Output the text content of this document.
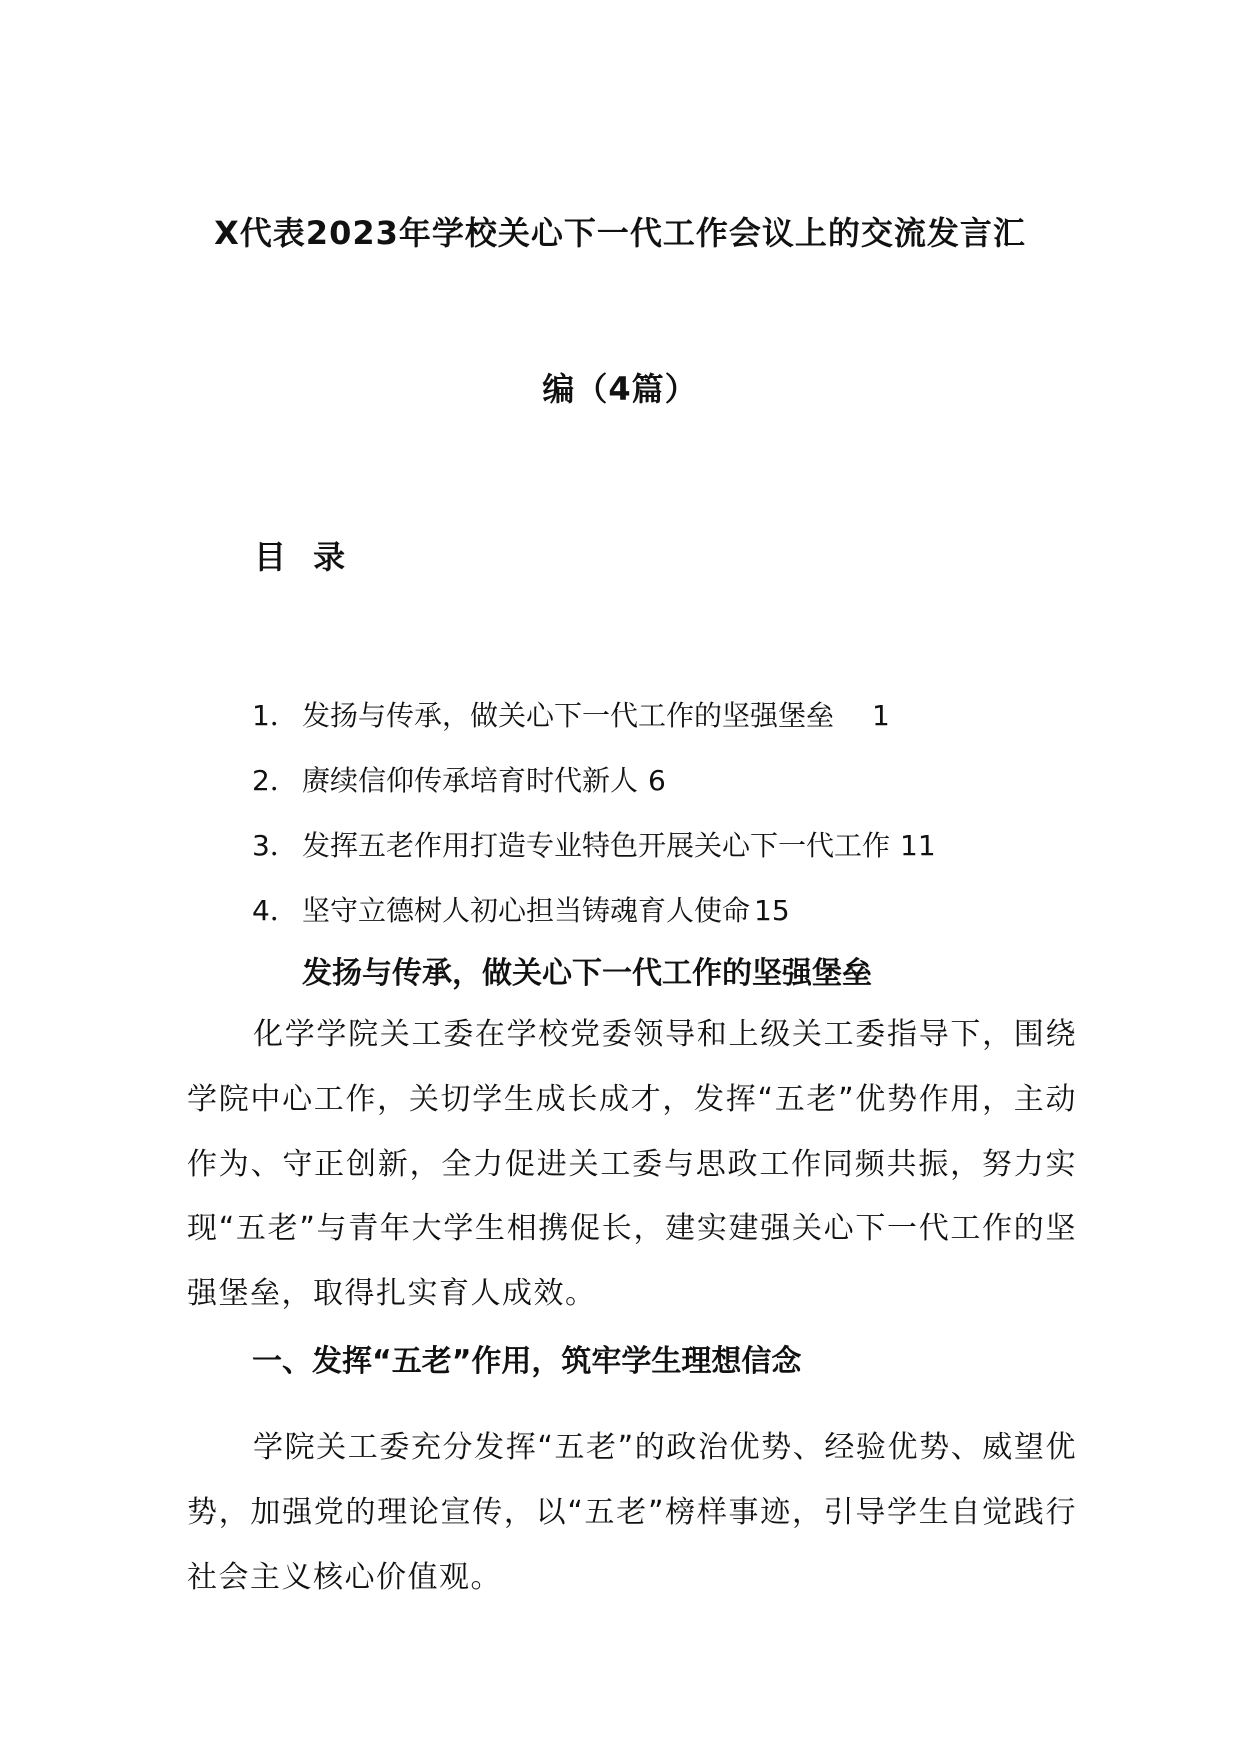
X代表2023年学校关心下一代工作会议上的交流发言汇
编（4篇）
目 录
1． 发扬与传承，做关心下一代工作的坚强堡垒 1
2． 赓续信仰传承培育时代新人 6
3． 发挥五老作用打造专业特色开展关心下一代工作 11
4． 坚守立德树人初心担当铸魂育人使命 15
发扬与传承，做关心下一代工作的坚强堡垒
化学学院关工委在学校党委领导和上级关工委指导下，围绕学院中心工作，关切学生成长成才，发挥“五老”优势作用，主动作为、守正创新，全力促进关工委与思政工作同频共振，努力实现“五老”与青年大学生相携促长，建实建强关心下一代工作的坚强堡垒，取得扎实育人成效。
一、发挥“五老”作用，筑牢学生理想信念
学院关工委充分发挥“五老”的政治优势、经验优势、威望优势，加强党的理论宣传，以“五老”榜样事迹，引导学生自觉践行社会主义核心价值观。
